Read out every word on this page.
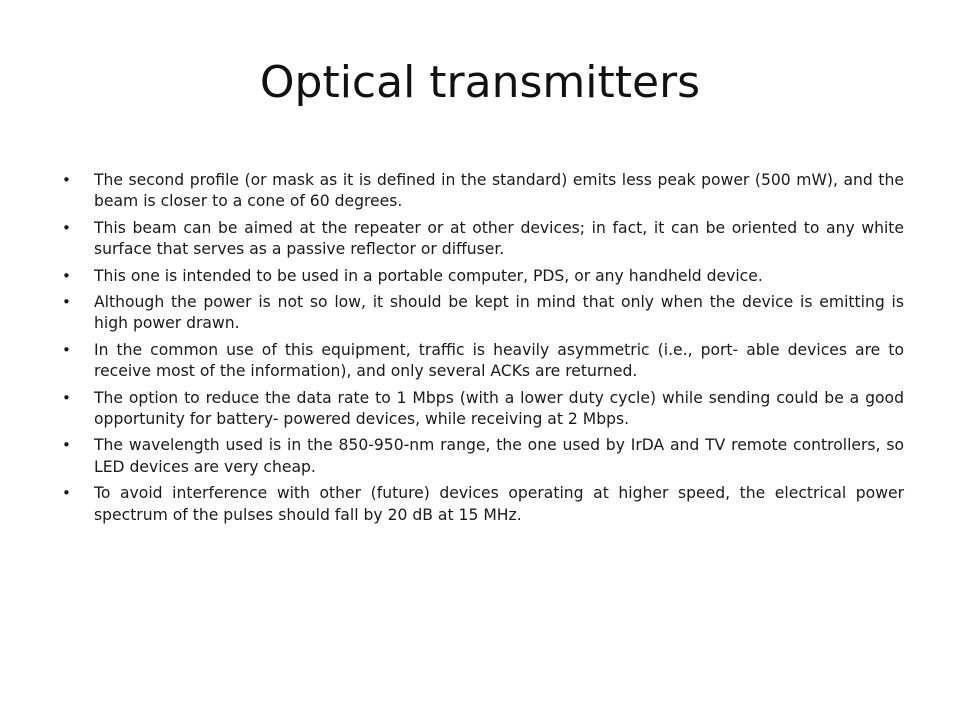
Optical transmitters
• The second profile (or mask as it is defined in the standard) emits less peak power (500 mW), and the beam is closer to a cone of 60 degrees.
• This beam can be aimed at the repeater or at other devices; in fact, it can be oriented to any white surface that serves as a passive reflector or diffuser.
• This one is intended to be used in a portable computer, PDS, or any handheld device.
• Although the power is not so low, it should be kept in mind that only when the device is emitting is high power drawn.
• In the common use of this equipment, traffic is heavily asymmetric (i.e., port- able devices are to receive most of the information), and only several ACKs are returned.
• The option to reduce the data rate to 1 Mbps (with a lower duty cycle) while sending could be a good opportunity for battery- powered devices, while receiving at 2 Mbps.
• The wavelength used is in the 850-950-nm range, the one used by IrDA and TV remote controllers, so LED devices are very cheap.
• To avoid interference with other (future) devices operating at higher speed, the electrical power spectrum of the pulses should fall by 20 dB at 15 MHz.
